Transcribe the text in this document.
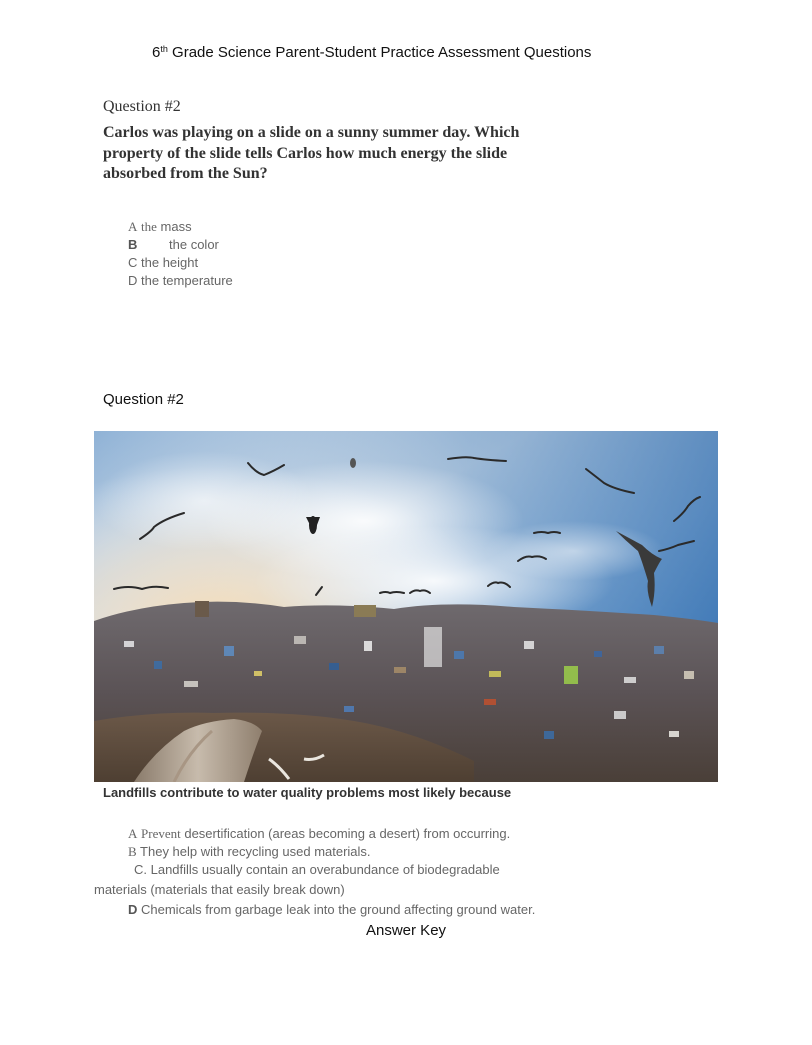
6th Grade Science Parent-Student Practice Assessment Questions
Question #2
Carlos was playing on a slide on a sunny summer day. Which property of the slide tells Carlos how much energy the slide absorbed from the Sun?
A the mass
B the color
C the height
D the temperature
Question #2
Landfills contribute to water quality problems most likely because
A Prevent desertification (areas becoming a desert) from occurring.
B They help with recycling used materials.
C. Landfills usually contain an overabundance of biodegradable
materials (materials that easily break down)
D Chemicals from garbage leak into the ground affecting ground water.
Answer Key
